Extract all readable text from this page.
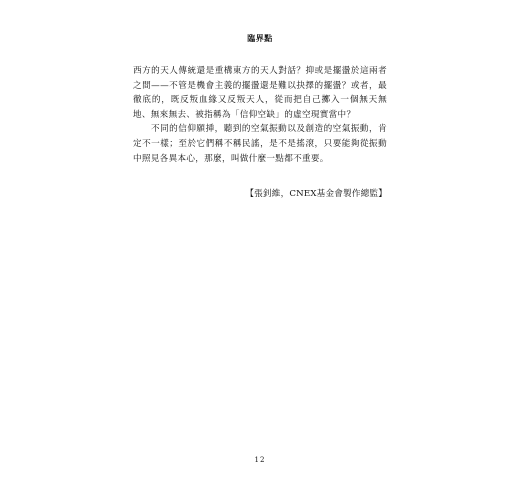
臨界點

西方的天人傳統還是重構東方的天人對話？抑或是擺盪於這兩者之間——不管是機會主義的擺盪還是難以抉擇的擺盪？或者，最徹底的，既反叛血緣又反叛天人，從而把自己擲入一個無天無地、無來無去、被指稱為「信仰空缺」的虛空現實當中？

不同的信仰願挿，聽到的空氣振動以及創造的空氣振動，肯定不一樣；至於它們稱不稱民謠，是不是搖滾，只要能夠從振動中照見各異本心，那麼，叫做什麼一點都不重要。

【張釗維，CNEX基金會製作總監】
12
